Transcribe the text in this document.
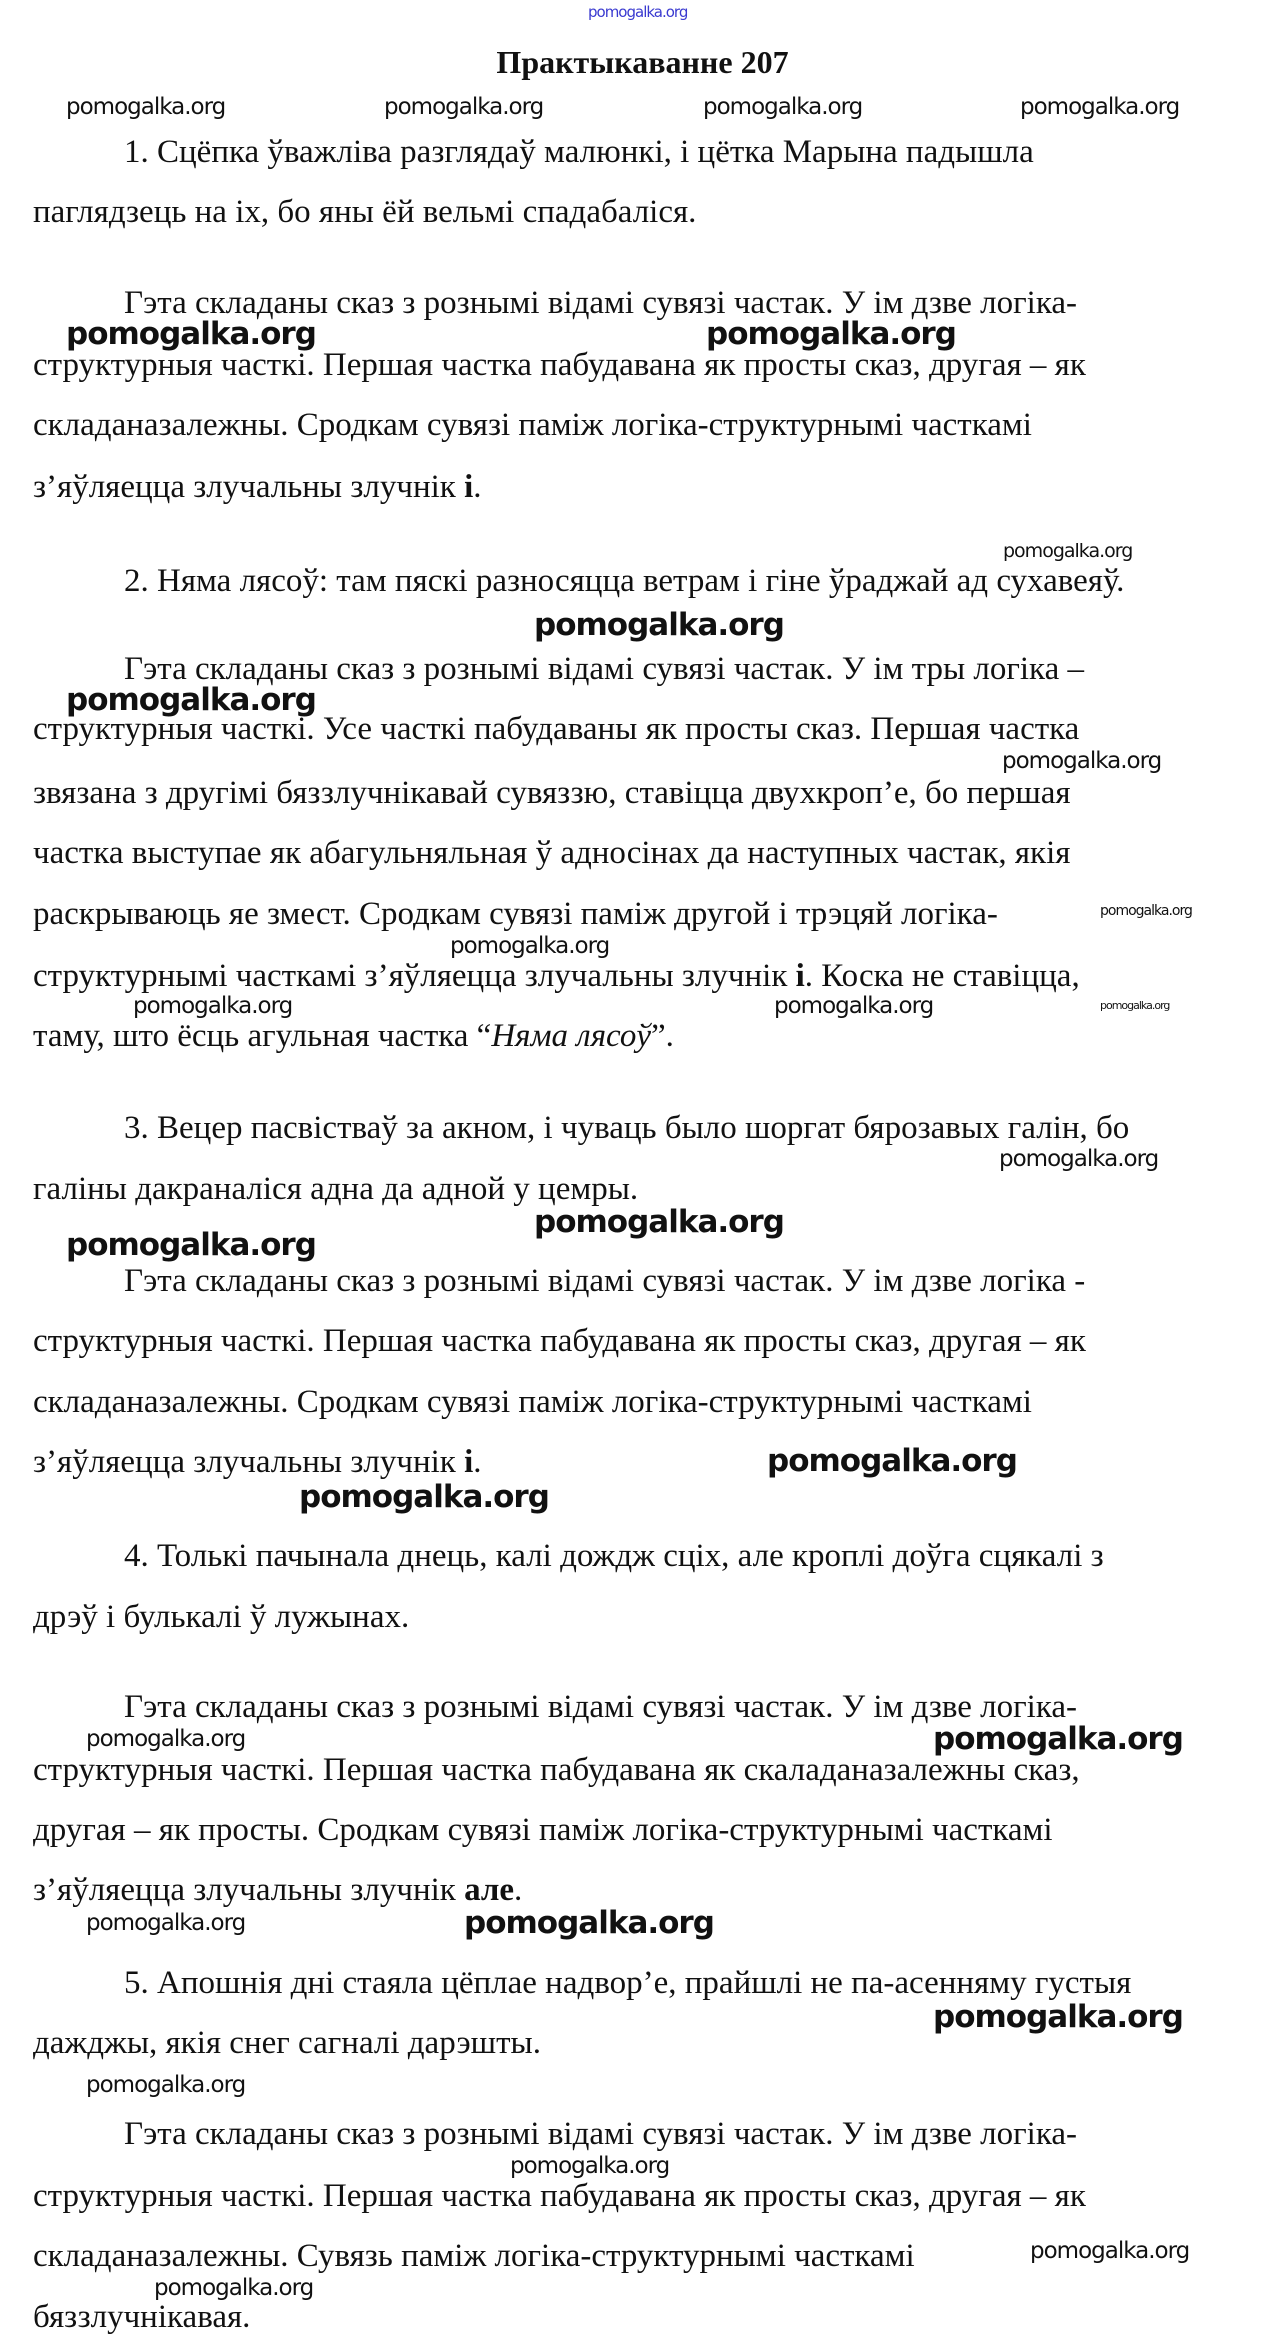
pomogalka.org
Практыкаванне 207
pomogalka.org	pomogalka.org	pomogalka.org	pomogalka.org
1. Сцёпка ўважліва разглядаў малюнкі, і цётка Марына падышла
паглядзець на іх, бо яны ёй вельмі спадабаліся.
Гэта складаны сказ з рознымі відамі сувязі частак. У ім дзве логіка-
pomogalka.org	pomogalka.org
структурныя часткі. Першая частка пабудавана як просты сказ, другая – як
складаназалежны. Сродкам сувязі паміж логіка-структурнымі часткамі
з’яўляецца злучальны злучнік і.
pomogalka.org
2. Няма лясоў: там пяскі разносяцца ветрам і гіне ўраджай ад сухавеяў.
pomogalka.org
Гэта складаны сказ з рознымі відамі сувязі частак. У ім тры логіка –
pomogalka.org
структурныя часткі. Усе часткі пабудаваны як просты сказ. Першая частка
pomogalka.org
звязана з другімі бяззлучнікавай сувяззю, ставіцца двухкроп’е, бо першая
частка выступае як абагульняльная ў адносінах да наступных частак, якія
раскрываюць яе змест. Сродкам сувязі паміж другой і трэцяй логіка-	pomogalka.org
pomogalka.org
структурнымі часткамі з’яўляецца злучальны злучнік і. Коска не ставіцца,
pomogalka.org
pomogalka.org	pomogalka.org
таму, што ёсць агульная частка “Няма лясоў”.
3. Вецер пасвістваў за акном, і чуваць было шоргат бярозавых галін, бо
pomogalka.org
галіны дакраналіся адна да адной у цемры.
pomogalka.org
pomogalka.org
Гэта складаны сказ з рознымі відамі сувязі частак. У ім дзве логіка -
структурныя часткі. Першая частка пабудавана як просты сказ, другая – як
складаназалежны. Сродкам сувязі паміж логіка-структурнымі часткамі
з’яўляецца злучальны злучнік і.	pomogalka.org
pomogalka.org
4. Толькі пачынала днець, калі дождж сціх, але кроплі доўга сцякалі з
дрэў і булькалі ў лужынах.
Гэта складаны сказ з рознымі відамі сувязі частак. У ім дзве логіка-
pomogalka.org	pomogalka.org
структурныя часткі. Першая частка пабудавана як скаладаназалежны сказ,
другая – як просты. Сродкам сувязі паміж логіка-структурнымі часткамі
з’яўляецца злучальны злучнік але.
pomogalka.org	pomogalka.org
5. Апошнія дні стаяла цёплае надвор’е, прайшлі не па-асенняму густыя
pomogalka.org
дажджы, якія снег сагналі дарэшты.
pomogalka.org
Гэта складаны сказ з рознымі відамі сувязі частак. У ім дзве логіка-
pomogalka.org
структурныя часткі. Першая частка пабудавана як просты сказ, другая – як
pomogalka.org
складаназалежны. Сувязь паміж логіка-структурнымі часткамі
pomogalka.org
бяззлучнікавая.
